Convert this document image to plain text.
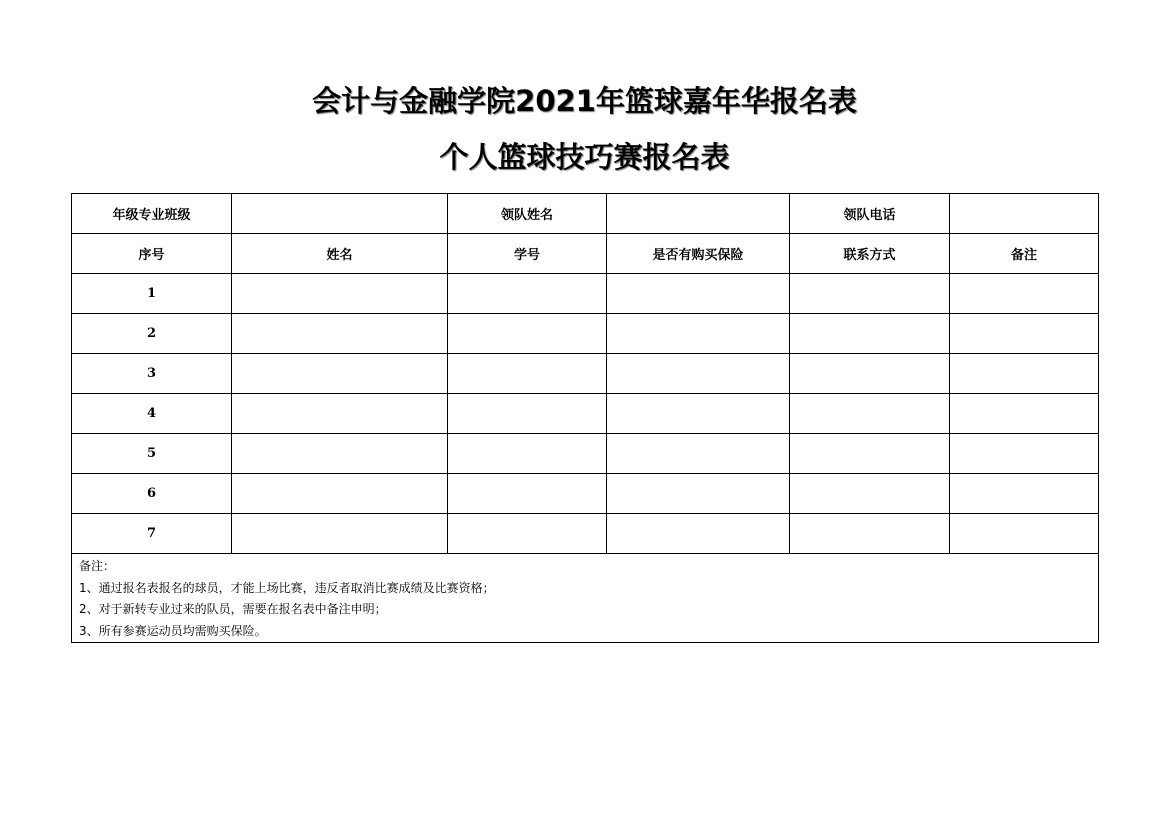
会计与金融学院2021年篮球嘉年华报名表
个人篮球技巧赛报名表
年级专业班级		领队姓名		领队电话	
序号	姓名	学号	是否有购买保险	联系方式	备注
1					
2					
3					
4					
5					
6					
7					

备注：
1、通过报名表报名的球员，才能上场比赛，违反者取消比赛成绩及比赛资格；
2、对于新转专业过来的队员，需要在报名表中备注申明；
3、所有参赛运动员均需购买保险。					
